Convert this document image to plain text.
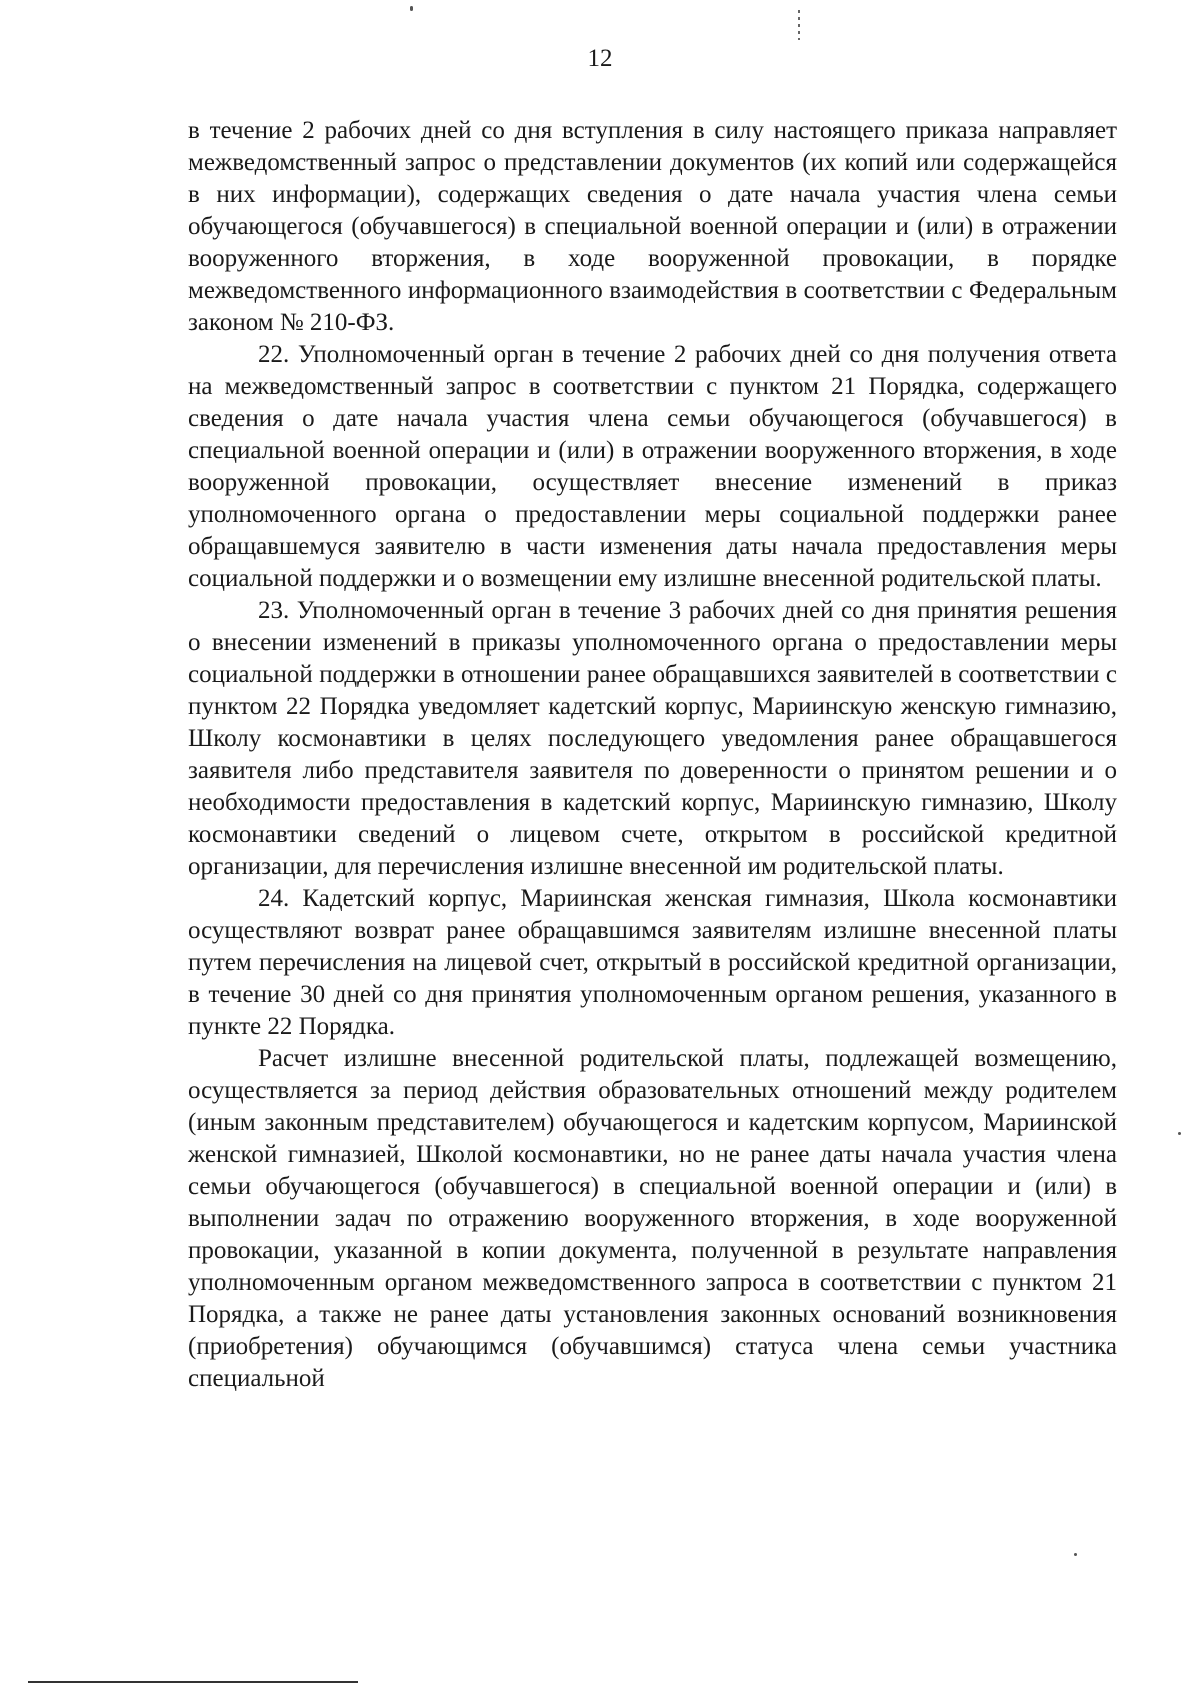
12

в течение 2 рабочих дней со дня вступления в силу настоящего приказа направляет межведомственный запрос о представлении документов (их копий или содержащейся в них информации), содержащих сведения о дате начала участия члена семьи обучающегося (обучавшегося) в специальной военной операции и (или) в отражении вооруженного вторжения, в ходе вооруженной провокации, в порядке межведомственного информационного взаимодействия в соответствии с Федеральным законом № 210-ФЗ.

22. Уполномоченный орган в течение 2 рабочих дней со дня получения ответа на межведомственный запрос в соответствии с пунктом 21 Порядка, содержащего сведения о дате начала участия члена семьи обучающегося (обучавшегося) в специальной военной операции и (или) в отражении вооруженного вторжения, в ходе вооруженной провокации, осуществляет внесение изменений в приказ уполномоченного органа о предоставлении меры социальной поддержки ранее обращавшемуся заявителю в части изменения даты начала предоставления меры социальной поддержки и о возмещении ему излишне внесенной родительской платы.

23. Уполномоченный орган в течение 3 рабочих дней со дня принятия решения о внесении изменений в приказы уполномоченного органа о предоставлении меры социальной поддержки в отношении ранее обращавшихся заявителей в соответствии с пунктом 22 Порядка уведомляет кадетский корпус, Мариинскую женскую гимназию, Школу космонавтики в целях последующего уведомления ранее обращавшегося заявителя либо представителя заявителя по доверенности о принятом решении и о необходимости предоставления в кадетский корпус, Мариинскую гимназию, Школу космонавтики сведений о лицевом счете, открытом в российской кредитной организации, для перечисления излишне внесенной им родительской платы.

24. Кадетский корпус, Мариинская женская гимназия, Школа космонавтики осуществляют возврат ранее обращавшимся заявителям излишне внесенной платы путем перечисления на лицевой счет, открытый в российской кредитной организации, в течение 30 дней со дня принятия уполномоченным органом решения, указанного в пункте 22 Порядка.

Расчет излишне внесенной родительской платы, подлежащей возмещению, осуществляется за период действия образовательных отношений между родителем (иным законным представителем) обучающегося и кадетским корпусом, Мариинской женской гимназией, Школой космонавтики, но не ранее даты начала участия члена семьи обучающегося (обучавшегося) в специальной военной операции и (или) в выполнении задач по отражению вооруженного вторжения, в ходе вооруженной провокации, указанной в копии документа, полученной в результате направления уполномоченным органом межведомственного запроса в соответствии с пунктом 21 Порядка, а также не ранее даты установления законных оснований возникновения (приобретения) обучающимся (обучавшимся) статуса члена семьи участника специальной
